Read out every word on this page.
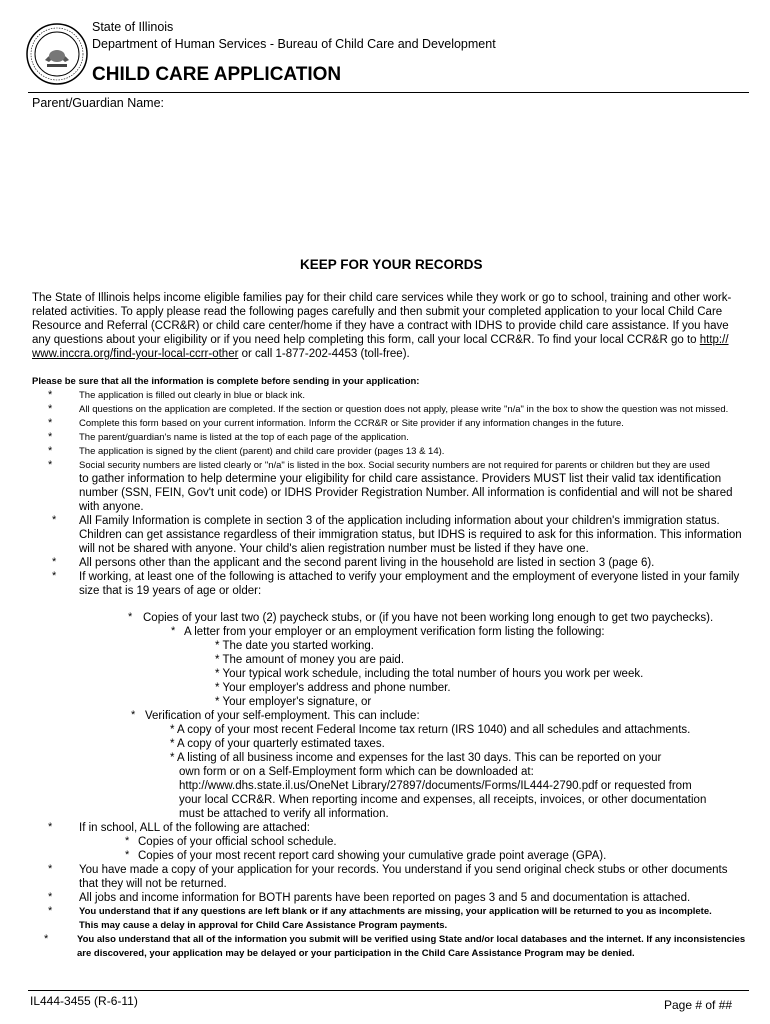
State of Illinois
Department of Human Services - Bureau of Child Care and Development
CHILD CARE APPLICATION
Parent/Guardian Name:
KEEP FOR YOUR RECORDS
The State of Illinois helps income eligible families pay for their child care services while they work or go to school, training and other work-
related activities. To apply please read the following pages carefully and then submit your completed application to your local Child Care
Resource and Referral (CCR&R) or child care center/home if they have a contract with IDHS to provide child care assistance. If you have
any questions about your eligibility or if you need help completing this form, call your local CCR&R. To find your local CCR&R go to http://
www.inccra.org/find-your-local-ccrr-other or call 1-877-202-4453 (toll-free).
Please be sure that all the information is complete before sending in your application:
*	The application is filled out clearly in blue or black ink.
*	All questions on the application are completed. If the section or question does not apply, please write "n/a" in the box to show the question was not missed.
*	Complete this form based on your current information. Inform the CCR&R or Site provider if any information changes in the future.
*	The parent/guardian's name is listed at the top of each page of the application.
*	The application is signed by the client (parent) and child care provider (pages 13 & 14).
*	Social security numbers are listed clearly or "n/a" is listed in the box. Social security numbers are not required for parents or children but they are used
to gather information to help determine your eligibility for child care assistance. Providers MUST list their valid tax identification
number (SSN, FEIN, Gov't unit code) or IDHS Provider Registration Number. All information is confidential and will not be shared
with anyone.
* All Family Information is complete in section 3 of the application including information about your children's immigration status.
Children can get assistance regardless of their immigration status, but IDHS is required to ask for this information. This information
will not be shared with anyone. Your child's alien registration number must be listed if they have one.
* All persons other than the applicant and the second parent living in the household are listed in section 3 (page 6).
* If working, at least one of the following is attached to verify your employment and the employment of everyone listed in your family
size that is 19 years of age or older:
* Copies of your last two (2) paycheck stubs, or (if you have not been working long enough to get two paychecks).
* A letter from your employer or an employment verification form listing the following:
* The date you started working.
* The amount of money you are paid.
* Your typical work schedule, including the total number of hours you work per week.
* Your employer's address and phone number.
* Your employer's signature, or
* Verification of your self-employment. This can include:
* A copy of your most recent Federal Income tax return (IRS 1040) and all schedules and attachments.
* A copy of your quarterly estimated taxes.
* A listing of all business income and expenses for the last 30 days. This can be reported on your
own form or on a Self-Employment form which can be downloaded at:
http://www.dhs.state.il.us/OneNet Library/27897/documents/Forms/IL444-2790.pdf or requested from
your local CCR&R. When reporting income and expenses, all receipts, invoices, or other documentation
must be attached to verify all information.
* If in school, ALL of the following are attached:
* Copies of your official school schedule.
* Copies of your most recent report card showing your cumulative grade point average (GPA).
* You have made a copy of your application for your records. You understand if you send original check stubs or other documents
that they will not be returned.
* All jobs and income information for BOTH parents have been reported on pages 3 and 5 and documentation is attached.
*	You understand that if any questions are left blank or if any attachments are missing, your application will be returned to you as incomplete.
This may cause a delay in approval for Child Care Assistance Program payments.
*	You also understand that all of the information you submit will be verified using State and/or local databases and the internet. If any inconsistencies
are discovered, your application may be delayed or your participation in the Child Care Assistance Program may be denied.
IL444-3455 (R-6-11)	Page # of ##
